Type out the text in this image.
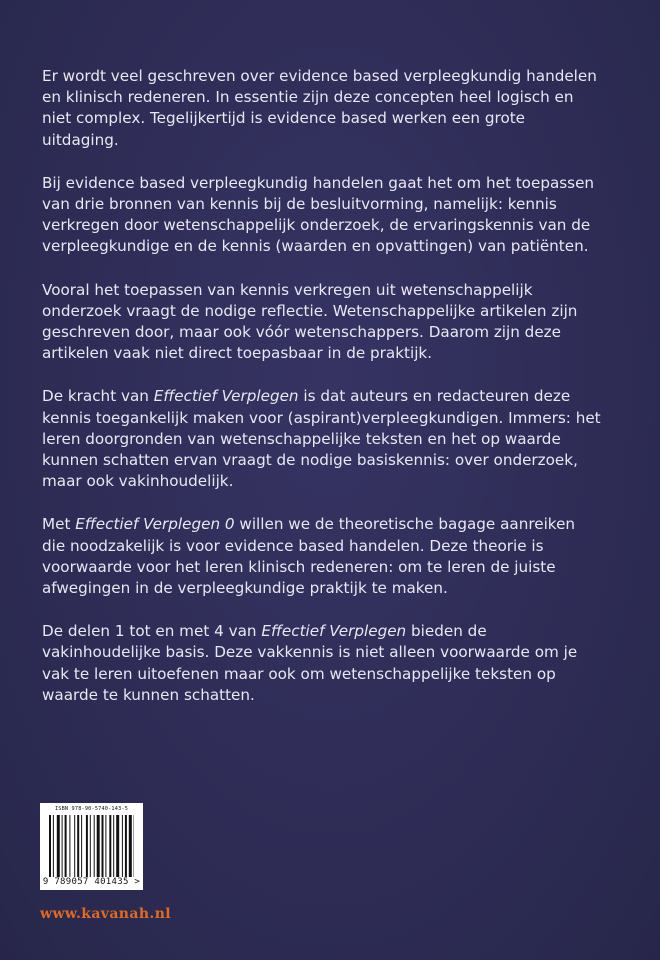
Er wordt veel geschreven over evidence based verpleegkundig handelen en klinisch redeneren. In essentie zijn deze concepten heel logisch en niet complex. Tegelijkertijd is evidence based werken een grote uitdaging.

Bij evidence based verpleegkundig handelen gaat het om het toepassen van drie bronnen van kennis bij de besluitvorming, namelijk: kennis verkregen door wetenschappelijk onderzoek, de ervaringskennis van de verpleegkundige en de kennis (waarden en opvattingen) van patiënten.

Vooral het toepassen van kennis verkregen uit wetenschappelijk onderzoek vraagt de nodige reflectie. Wetenschappelijke artikelen zijn geschreven door, maar ook vóór wetenschappers. Daarom zijn deze artikelen vaak niet direct toepasbaar in de praktijk.

De kracht van Effectief Verplegen is dat auteurs en redacteuren deze kennis toegankelijk maken voor (aspirant)verpleegkundigen. Immers: het leren doorgronden van wetenschappelijke teksten en het op waarde kunnen schatten ervan vraagt de nodige basiskennis: over onderzoek, maar ook vakinhoudelijk.

Met Effectief Verplegen 0 willen we de theoretische bagage aanreiken die noodzakelijk is voor evidence based handelen. Deze theorie is voorwaarde voor het leren klinisch redeneren: om te leren de juiste afwegingen in de verpleegkundige praktijk te maken.

De delen 1 tot en met 4 van Effectief Verplegen bieden de vakinhoudelijke basis. Deze vakkennis is niet alleen voorwaarde om je vak te leren uitoefenen maar ook om wetenschappelijke teksten op waarde te kunnen schatten.

ISBN 978-90-5740-143-5
9 789057 401435 >
www.kavanah.nl
